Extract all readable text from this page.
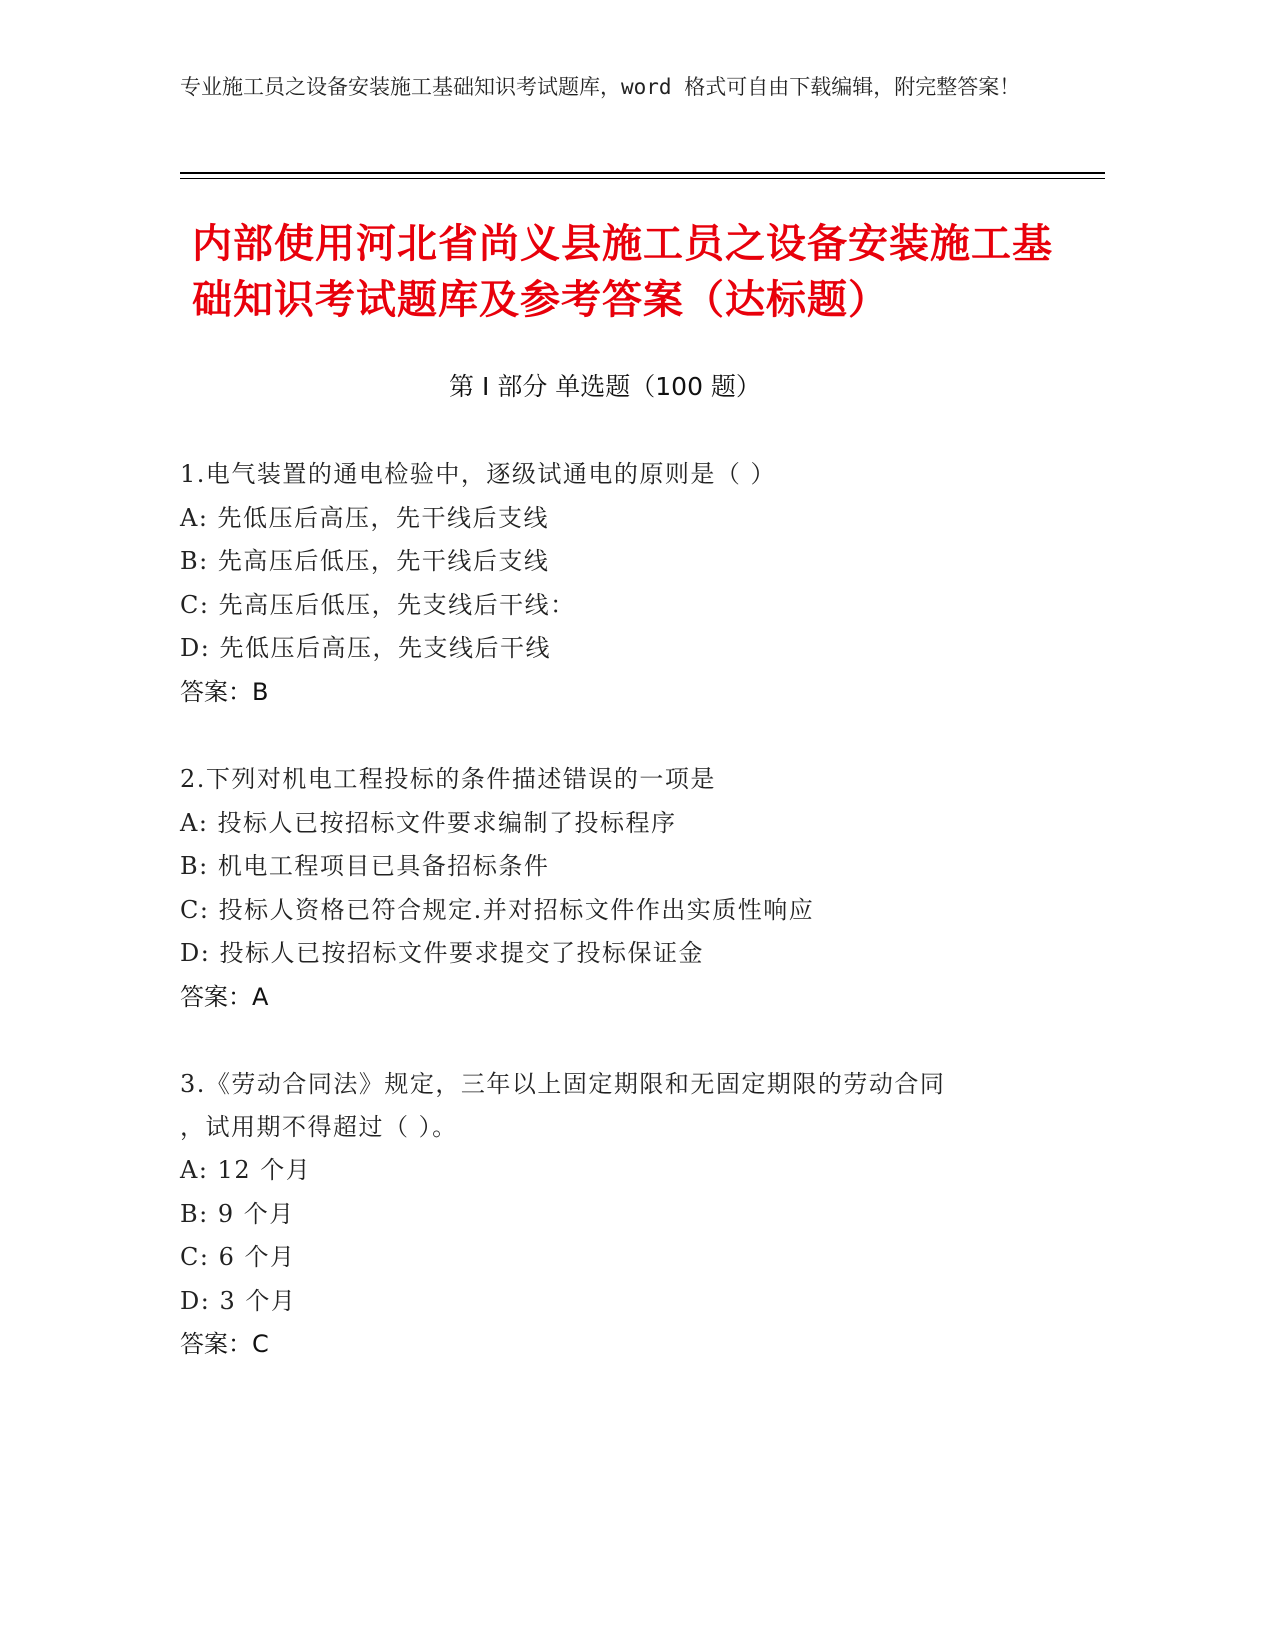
专业施工员之设备安装施工基础知识考试题库，word 格式可自由下载编辑，附完整答案！
内部使用河北省尚义县施工员之设备安装施工基础知识考试题库及参考答案（达标题）
第 I 部分 单选题（100 题）
1.电气装置的通电检验中，逐级试通电的原则是（ ）
A: 先低压后高压，先干线后支线
B: 先高压后低压，先干线后支线
C: 先高压后低压，先支线后干线：
D: 先低压后高压，先支线后干线
答案：B
2.下列对机电工程投标的条件描述错误的一项是
A: 投标人已按招标文件要求编制了投标程序
B: 机电工程项目已具备招标条件
C: 投标人资格已符合规定.并对招标文件作出实质性响应
D: 投标人已按招标文件要求提交了投标保证金
答案：A
3.《劳动合同法》规定，三年以上固定期限和无固定期限的劳动合同
，试用期不得超过（ ）。
A: 12 个月
B: 9 个月
C: 6 个月
D: 3 个月
答案：C
